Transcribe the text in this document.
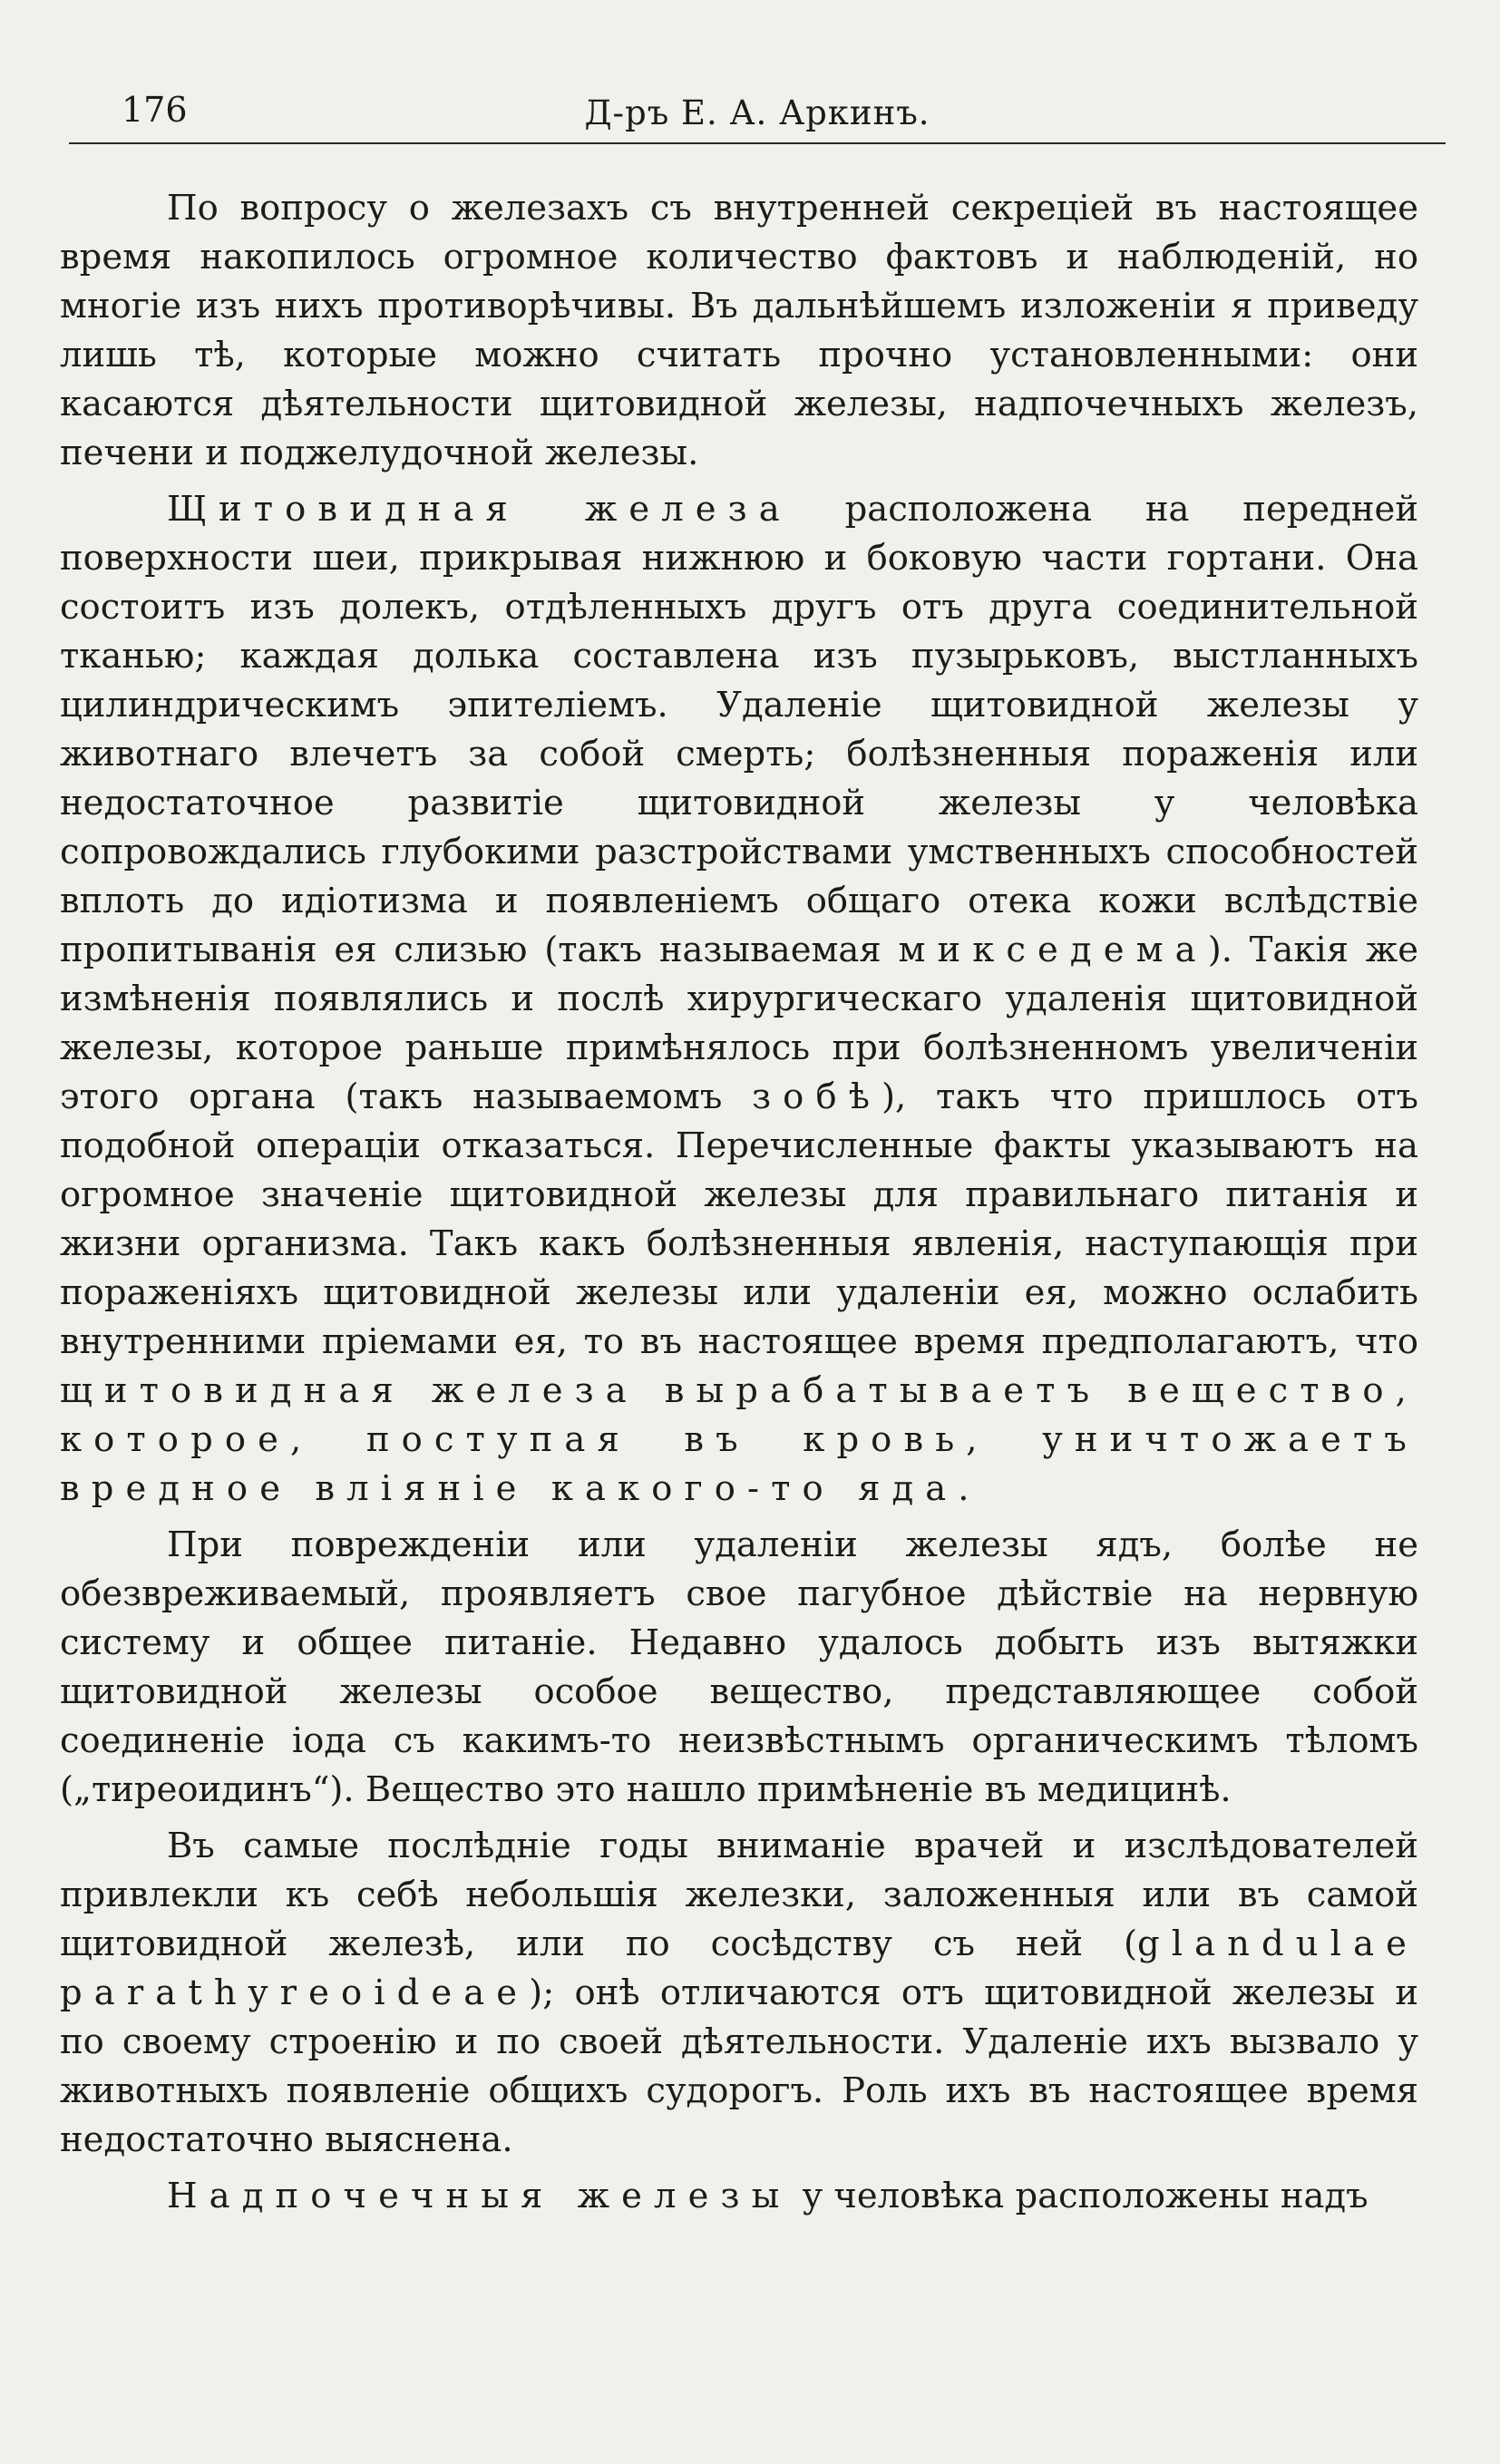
176	Д-ръ Е. А. Аркинъ.

По вопросу о железахъ съ внутренней секреціей въ настоящее время накопилось огромное количество фактовъ и наблюденій, но многіе изъ нихъ противорѣчивы. Въ дальнѣйшемъ изложеніи я приведу лишь тѣ, которые можно считать прочно установленными: они касаются дѣятельности щитовидной железы, надпочечныхъ железъ, печени и поджелудочной железы.

Щитовидная железа расположена на передней поверхности шеи, прикрывая нижнюю и боковую части гортани. Она состоитъ изъ долекъ, отдѣленныхъ другъ отъ друга соединительной тканью; каждая долька составлена изъ пузырьковъ, выстланныхъ цилиндрическимъ эпителіемъ. Удаленіе щитовидной железы у животнаго влечетъ за собой смерть; болѣзненныя пораженія или недостаточное развитіе щитовидной железы у человѣка сопровождались глубокими разстройствами умственныхъ способностей вплоть до идіотизма и появленіемъ общаго отека кожи вслѣдствіе пропитыванія ея слизью (такъ называемая микседема). Такія же измѣненія появлялись и послѣ хирургическаго удаленія щитовидной железы, которое раньше примѣнялось при болѣзненномъ увеличеніи этого органа (такъ называемомъ зобѣ), такъ что пришлось отъ подобной операціи отказаться. Перечисленные факты указываютъ на огромное значеніе щитовидной железы для правильнаго питанія и жизни организма. Такъ какъ болѣзненныя явленія, наступающія при пораженіяхъ щитовидной железы или удаленіи ея, можно ослабить внутренними пріемами ея, то въ настоящее время предполагаютъ, что щитовидная железа вырабатываетъ вещество, которое, поступая въ кровь, уничтожаетъ вредное вліяніе какого-то яда.

При поврежденіи или удаленіи железы ядъ, болѣе не обезвреживаемый, проявляетъ свое пагубное дѣйствіе на нервную систему и общее питаніе. Недавно удалось добыть изъ вытяжки щитовидной железы особое вещество, представляющее собой соединеніе іода съ какимъ-то неизвѣстнымъ органическимъ тѣломъ („тиреоидинъ“). Вещество это нашло примѣненіе въ медицинѣ.

Въ самые послѣдніе годы вниманіе врачей и изслѣдователей привлекли къ себѣ небольшія железки, заложенныя или въ самой щитовидной железѣ, или по сосѣдству съ ней (glandulae parathyreoideae); онѣ отличаются отъ щитовидной железы и по своему строенію и по своей дѣятельности. Удаленіе ихъ вызвало у животныхъ появленіе общихъ судорогъ. Роль ихъ въ настоящее время недостаточно выяснена.

Надпочечныя железы у человѣка расположены надъ
